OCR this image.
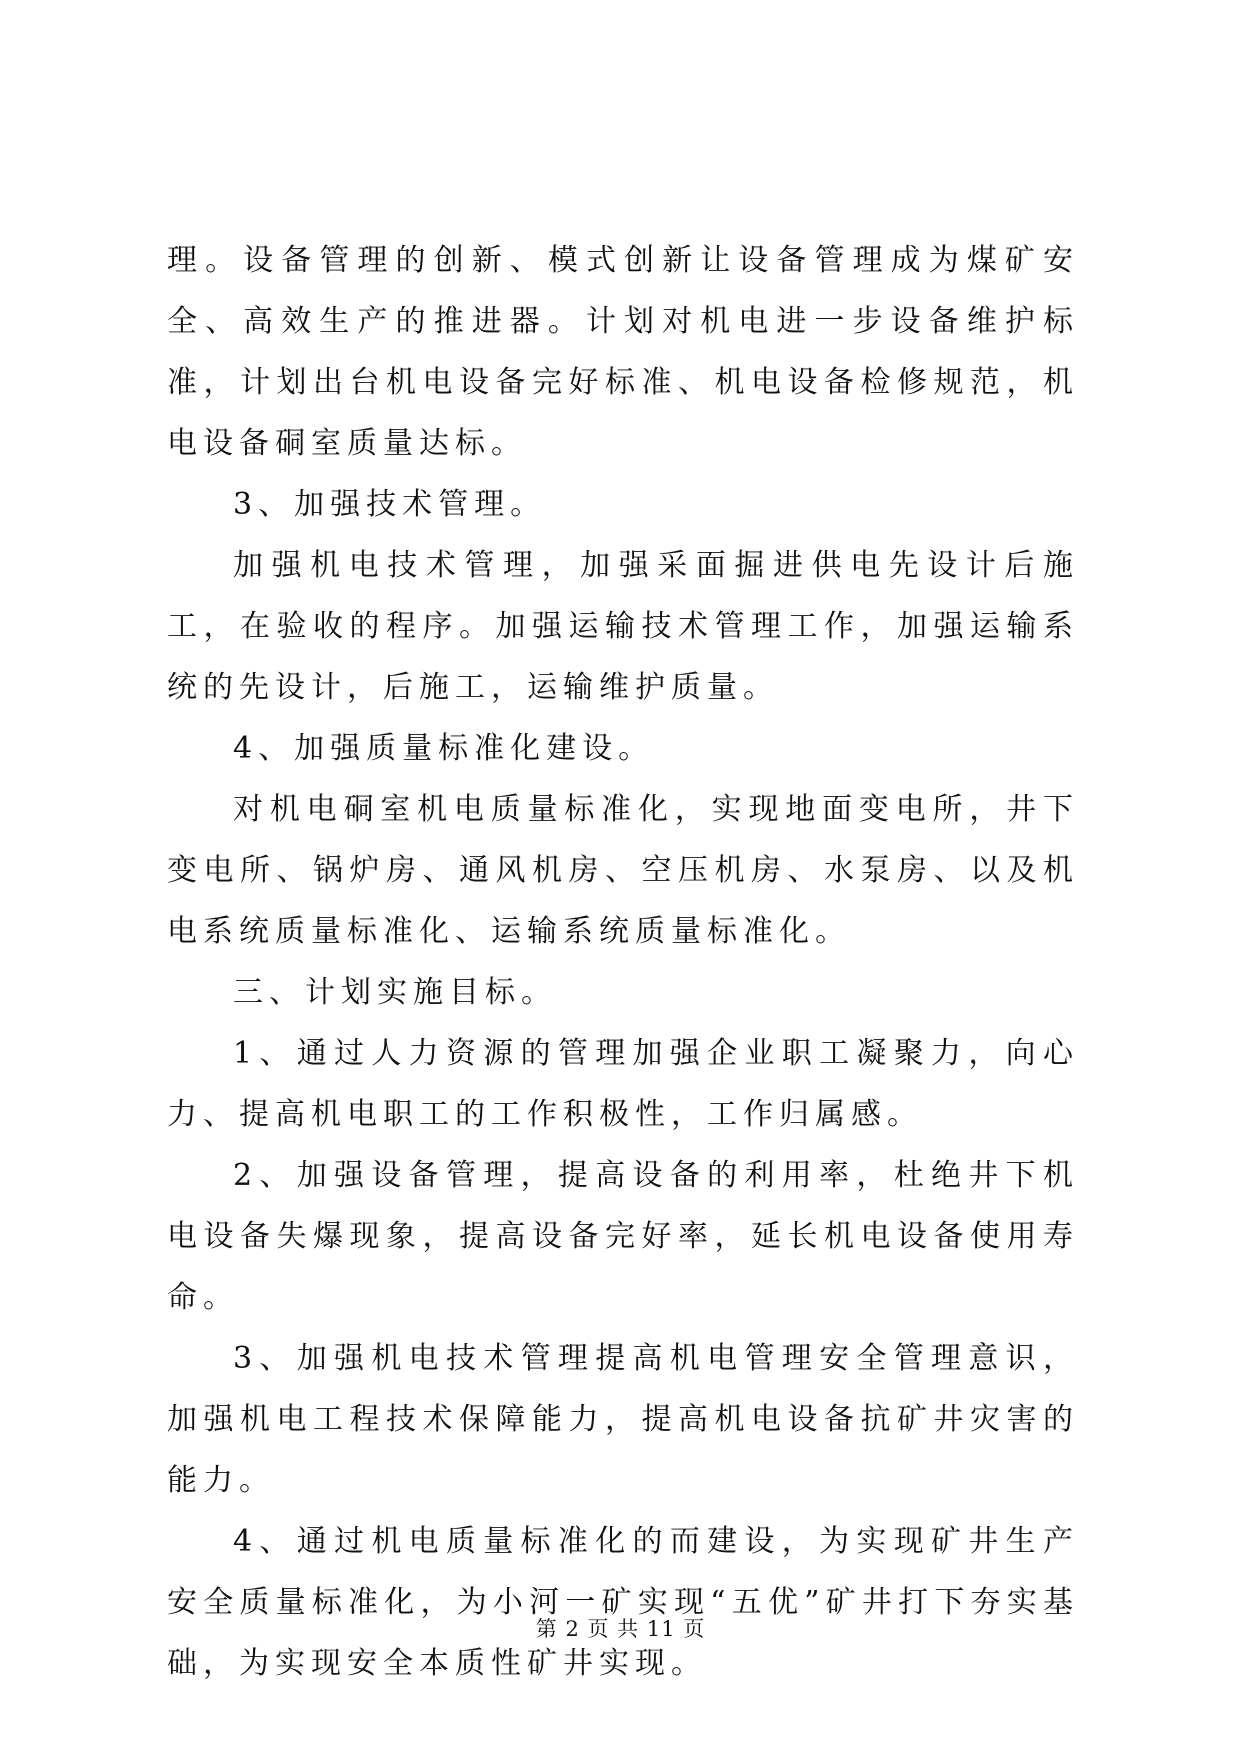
理。设备管理的创新、模式创新让设备管理成为煤矿安全、高效生产的推进器。计划对机电进一步设备维护标准，计划出台机电设备完好标准、机电设备检修规范，机电设备硐室质量达标。

3、加强技术管理。

加强机电技术管理，加强采面掘进供电先设计后施工，在验收的程序。加强运输技术管理工作，加强运输系统的先设计，后施工，运输维护质量。

4、加强质量标准化建设。

对机电硐室机电质量标准化，实现地面变电所，井下变电所、锅炉房、通风机房、空压机房、水泵房、以及机电系统质量标准化、运输系统质量标准化。

三、计划实施目标。

1、通过人力资源的管理加强企业职工凝聚力，向心力、提高机电职工的工作积极性，工作归属感。

2、加强设备管理，提高设备的利用率，杜绝井下机电设备失爆现象，提高设备完好率，延长机电设备使用寿命。

3、加强机电技术管理提高机电管理安全管理意识，加强机电工程技术保障能力，提高机电设备抗矿井灾害的能力。

4、通过机电质量标准化的而建设，为实现矿井生产安全质量标准化，为小河一矿实现“五优”矿井打下夯实基础，为实现安全本质性矿井实现。

第 2 页 共 11 页
